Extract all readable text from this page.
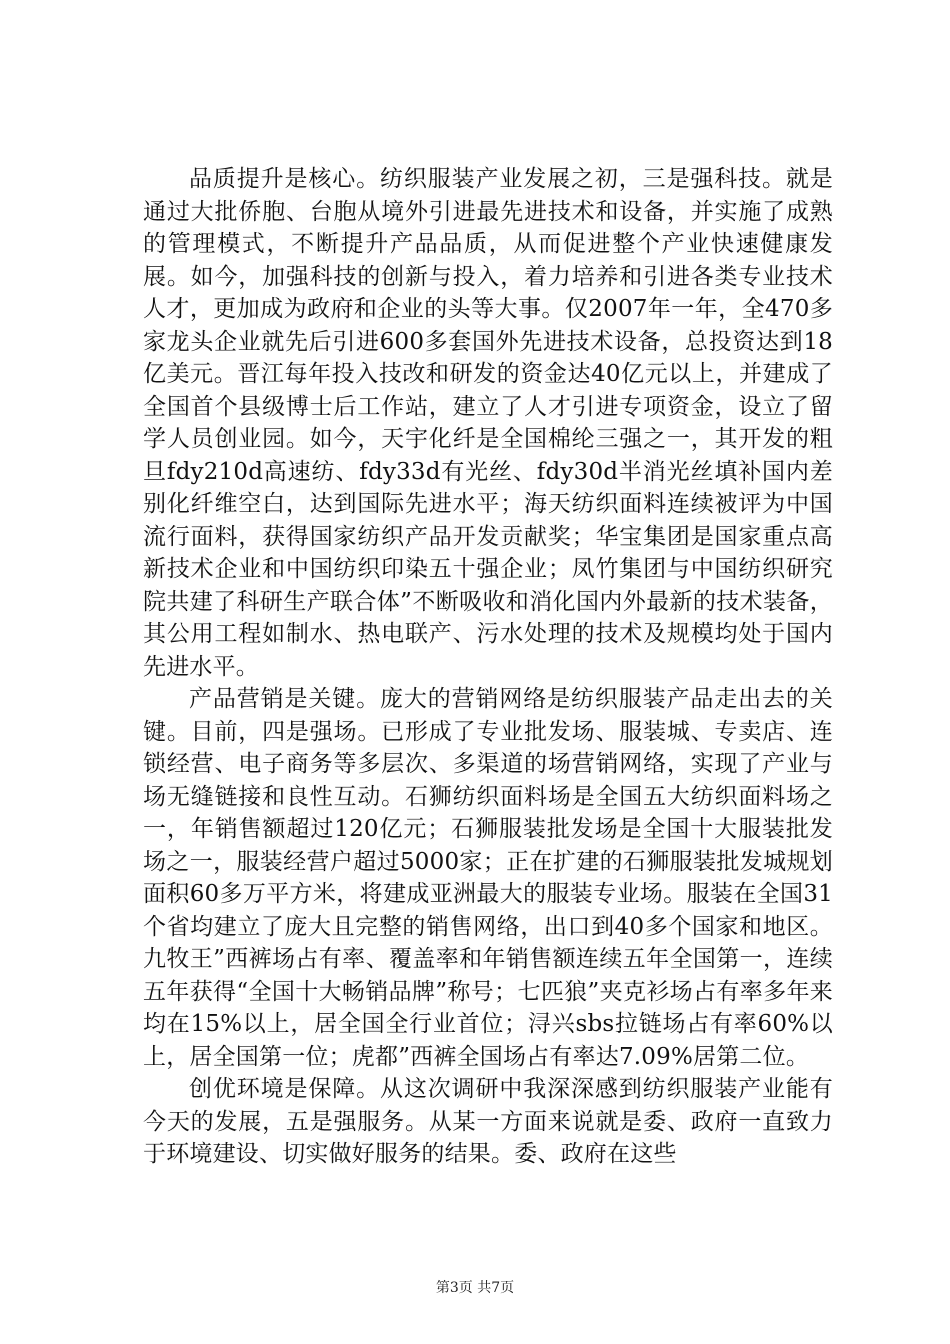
品质提升是核心。纺织服装产业发展之初，三是强科技。就是通过大批侨胞、台胞从境外引进最先进技术和设备，并实施了成熟的管理模式，不断提升产品品质，从而促进整个产业快速健康发展。如今，加强科技的创新与投入，着力培养和引进各类专业技术人才，更加成为政府和企业的头等大事。仅2007年一年，全470多家龙头企业就先后引进600多套国外先进技术设备，总投资达到18亿美元。晋江每年投入技改和研发的资金达40亿元以上，并建成了全国首个县级博士后工作站，建立了人才引进专项资金，设立了留学人员创业园。如今，天宇化纤是全国棉纶三强之一，其开发的粗旦fdy210d高速纺、fdy33d有光丝、fdy30d半消光丝填补国内差别化纤维空白，达到国际先进水平；海天纺织面料连续被评为中国流行面料，获得国家纺织产品开发贡献奖；华宝集团是国家重点高新技术企业和中国纺织印染五十强企业；凤竹集团与中国纺织研究院共建了科研生产联合体”不断吸收和消化国内外最新的技术装备，其公用工程如制水、热电联产、污水处理的技术及规模均处于国内先进水平。

产品营销是关键。庞大的营销网络是纺织服装产品走出去的关键。目前，四是强场。已形成了专业批发场、服装城、专卖店、连锁经营、电子商务等多层次、多渠道的场营销网络，实现了产业与场无缝链接和良性互动。石狮纺织面料场是全国五大纺织面料场之一，年销售额超过120亿元；石狮服装批发场是全国十大服装批发场之一，服装经营户超过5000家；正在扩建的石狮服装批发城规划面积60多万平方米，将建成亚洲最大的服装专业场。服装在全国31个省均建立了庞大且完整的销售网络，出口到40多个国家和地区。九牧王”西裤场占有率、覆盖率和年销售额连续五年全国第一，连续五年获得“全国十大畅销品牌”称号；七匹狼”夹克衫场占有率多年来均在15%以上，居全国全行业首位；浔兴sbs拉链场占有率60%以上，居全国第一位；虎都”西裤全国场占有率达7.09%居第二位。

创优环境是保障。从这次调研中我深深感到纺织服装产业能有今天的发展，五是强服务。从某一方面来说就是委、政府一直致力于环境建设、切实做好服务的结果。委、政府在这些

第3页 共7页
